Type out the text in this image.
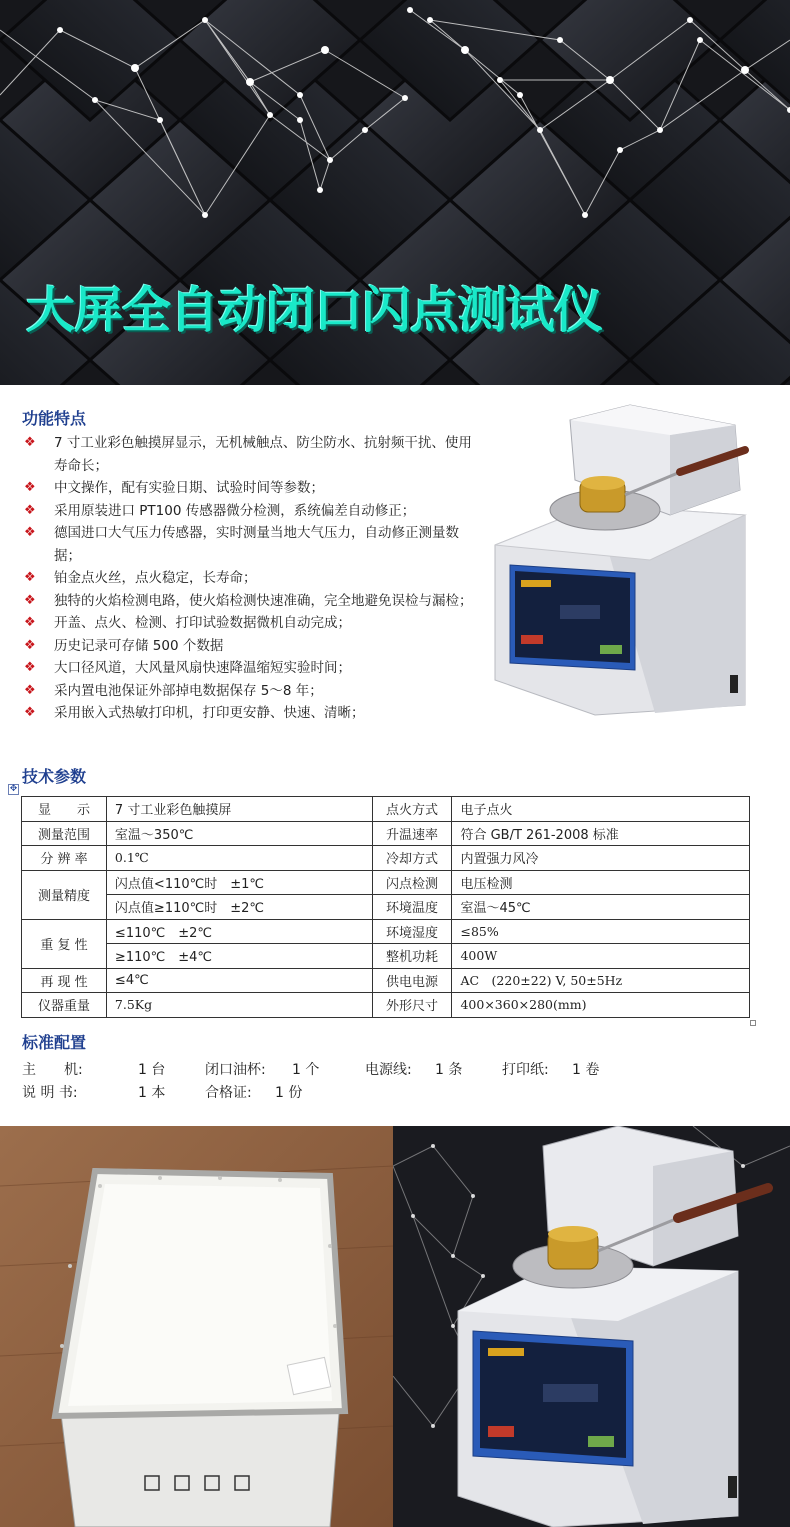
大屏全自动闭口闪点测试仪
功能特点
❖ 7 寸工业彩色触摸屏显示，无机械触点、防尘防水、抗射频干扰、使用寿命长；
❖ 中文操作，配有实验日期、试验时间等参数；
❖ 采用原装进口 PT100 传感器微分检测，系统偏差自动修正；
❖ 德国进口大气压力传感器，实时测量当地大气压力，自动修正测量数据；
❖ 铂金点火丝，点火稳定，长寿命；
❖ 独特的火焰检测电路，使火焰检测快速准确，完全地避免误检与漏检；
❖ 开盖、点火、检测、打印试验数据微机自动完成；
❖ 历史记录可存储 500 个数据
❖ 大口径风道，大风量风扇快速降温缩短实验时间；
❖ 采内置电池保证外部掉电数据保存 5～8 年；
❖ 采用嵌入式热敏打印机，打印更安静、快速、清晰；
技术参数
✥
显　　示	7 寸工业彩色触摸屏	点火方式	电子点火
测量范围	室温～350℃	升温速率	符合 GB/T 261-2008 标准
分 辨 率	0.1℃	冷却方式	内置强力风冷
测量精度	闪点值<110℃时　±1℃	闪点检测	电压检测
	闪点值≥110℃时　±2℃	环境温度	室温～45℃
重 复 性	≤110℃　±2℃	环境湿度	≤85%
	≥110℃　±4℃	整机功耗	400W
再 现 性	≤4℃	供电电源	AC　(220±22) V, 50±5Hz
仪器重量	7.5Kg	外形尺寸	400×360×280(mm)
标准配置
主　　机:	1 台	闭口油杯: 1 个	电源线: 1 条	打印纸: 1 卷
说 明 书:	1 本	合格证: 1 份
